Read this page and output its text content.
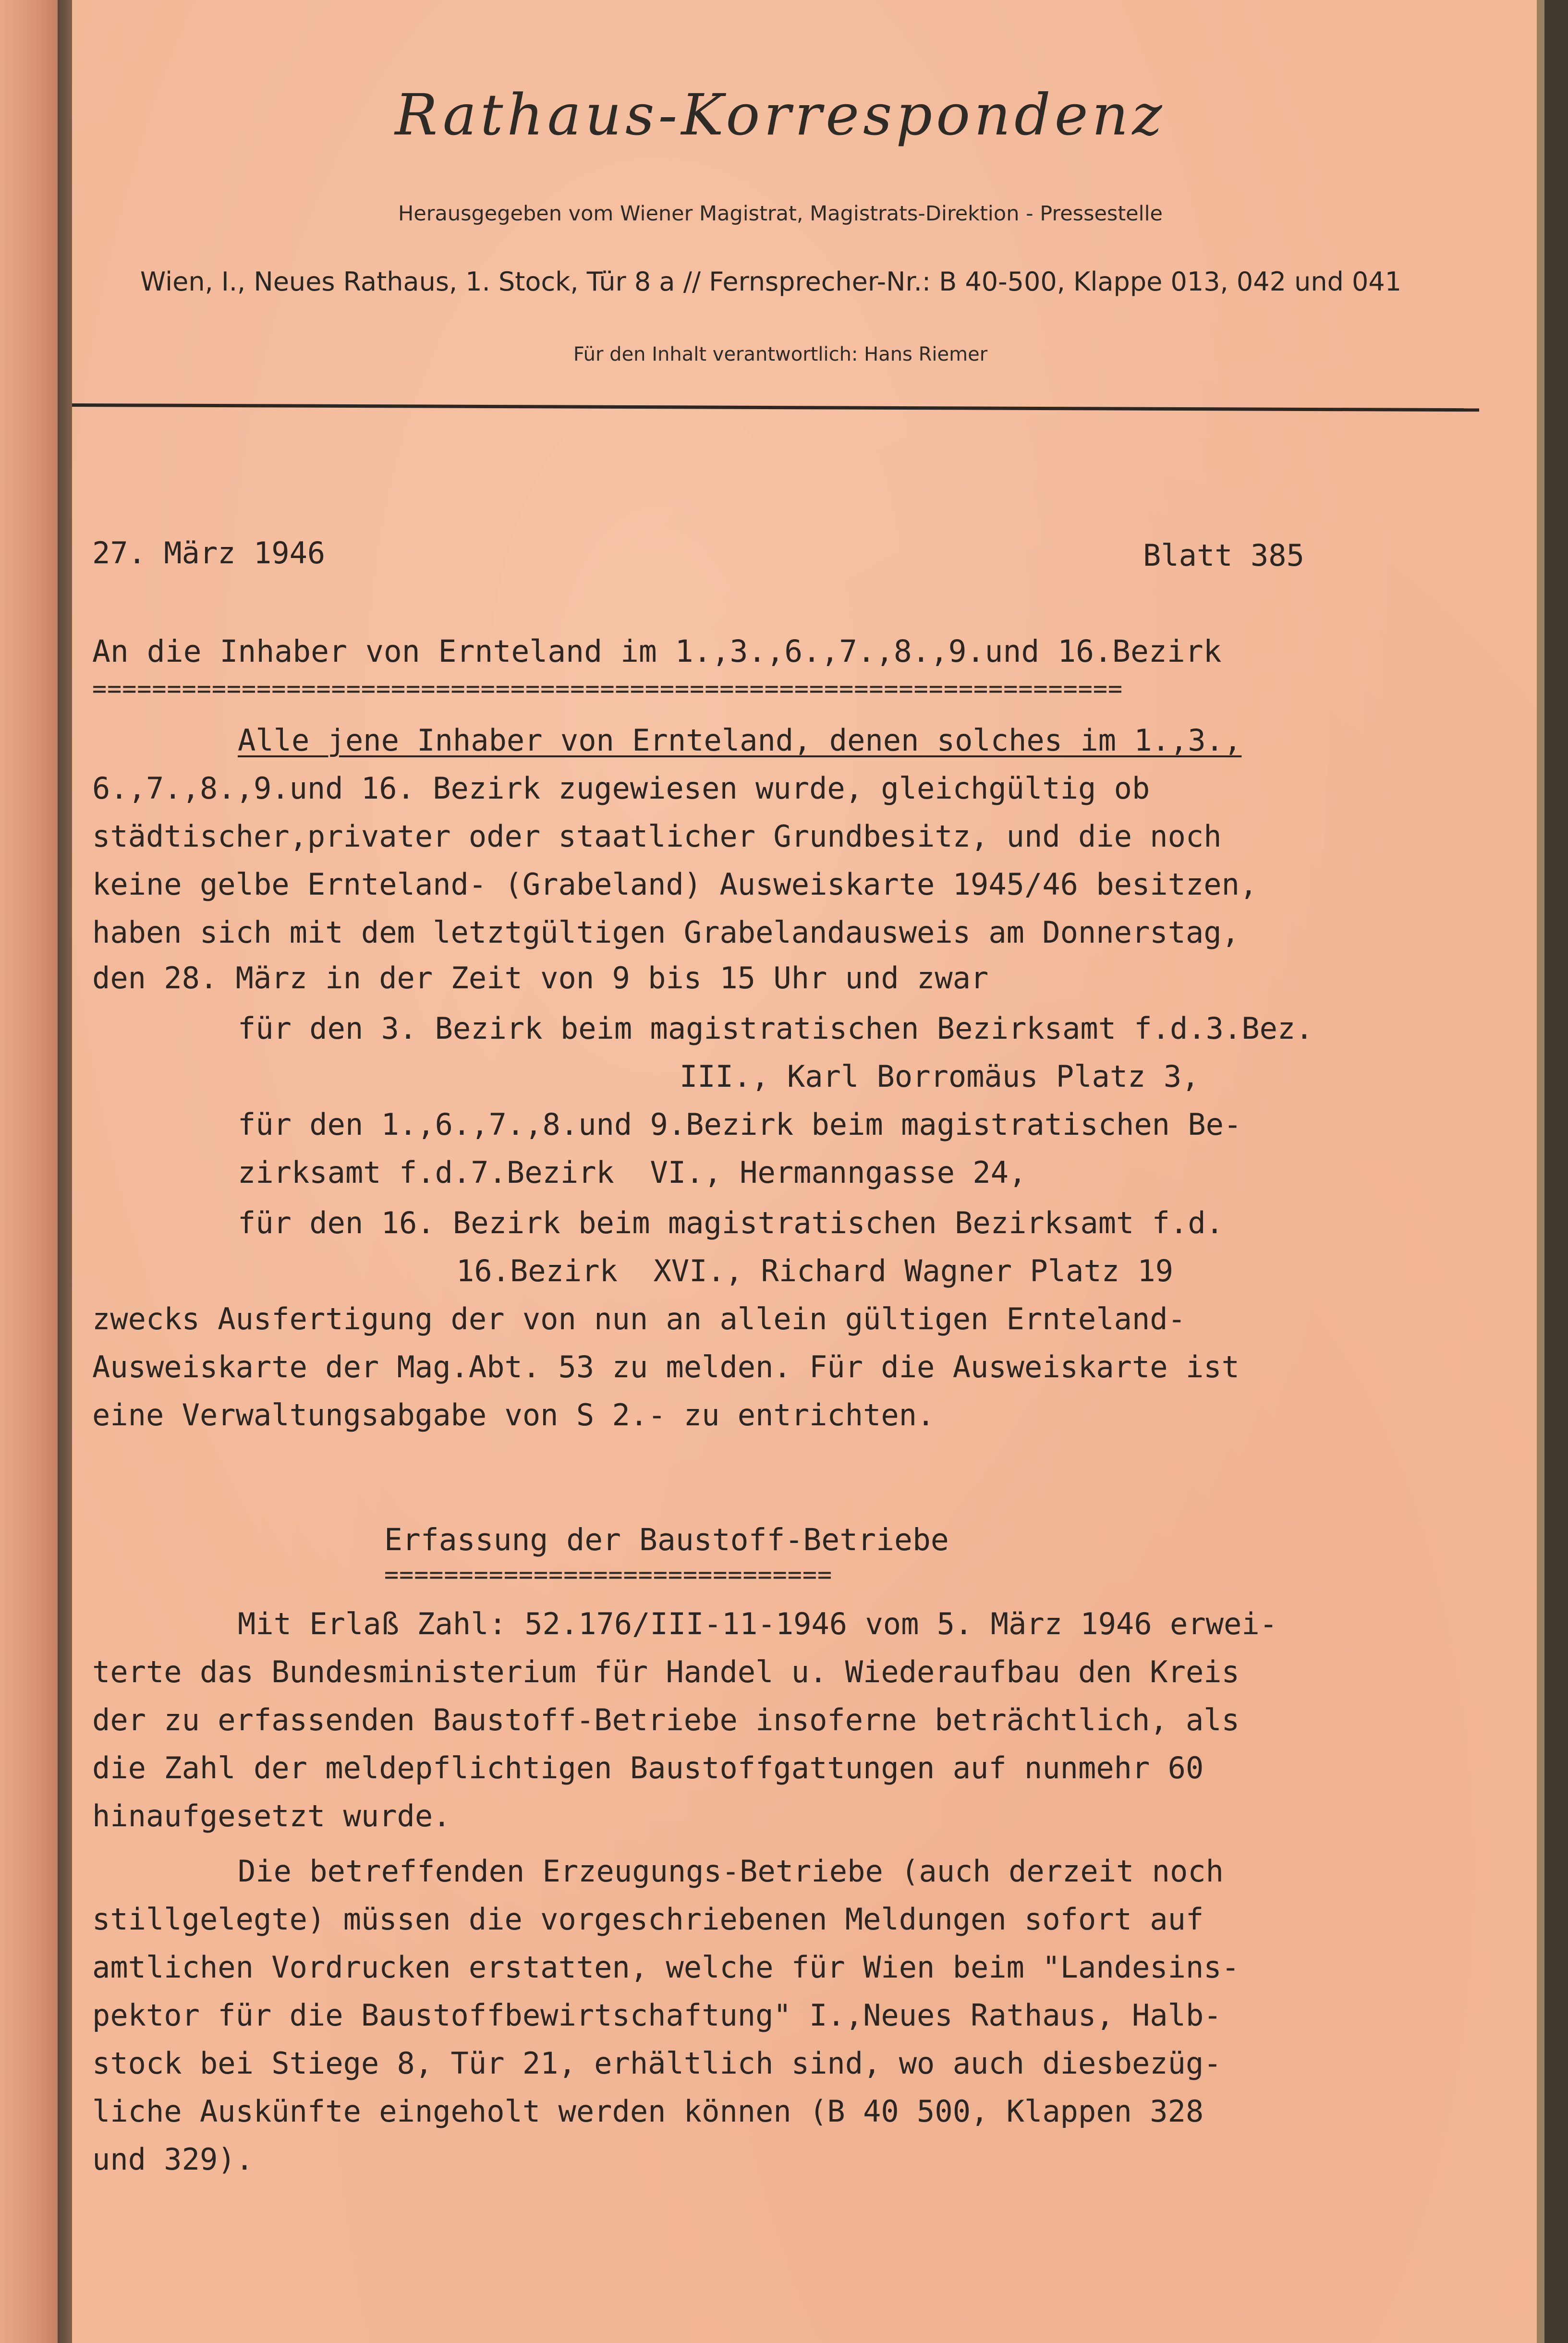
Rathaus-Korrespondenz
Herausgegeben vom Wiener Magistrat, Magistrats-Direktion - Pressestelle
Wien, I., Neues Rathaus, 1. Stock, Tür 8 a // Fernsprecher-Nr.: B 40-500, Klappe 013, 042 und 041
Für den Inhalt verantwortlich: Hans Riemer
27. März 1946	Blatt 385
An die Inhaber von Ernteland im 1.,3.,6.,7.,8.,9.und 16.Bezirk
=====================================================================
Alle jene Inhaber von Ernteland, denen solches im 1.,3.,
6.,7.,8.,9.und 16. Bezirk zugewiesen wurde, gleichgültig ob
städtischer,privater oder staatlicher Grundbesitz, und die noch
keine gelbe Ernteland- (Grabeland) Ausweiskarte 1945/46 besitzen,
haben sich mit dem letztgültigen Grabelandausweis am Donnerstag,
den 28. März in der Zeit von 9 bis 15 Uhr und zwar
für den 3. Bezirk beim magistratischen Bezirksamt f.d.3.Bez.
III., Karl Borromäus Platz 3,
für den 1.,6.,7.,8.und 9.Bezirk beim magistratischen Be-
zirksamt f.d.7.Bezirk  VI., Hermanngasse 24,
für den 16. Bezirk beim magistratischen Bezirksamt f.d.
16.Bezirk  XVI., Richard Wagner Platz 19
zwecks Ausfertigung der von nun an allein gültigen Ernteland-
Ausweiskarte der Mag.Abt. 53 zu melden. Für die Ausweiskarte ist
eine Verwaltungsabgabe von S 2.- zu entrichten.
Erfassung der Baustoff-Betriebe
==============================
Mit Erlaß Zahl: 52.176/III-11-1946 vom 5. März 1946 erwei-
terte das Bundesministerium für Handel u. Wiederaufbau den Kreis
der zu erfassenden Baustoff-Betriebe insoferne beträchtlich, als
die Zahl der meldepflichtigen Baustoffgattungen auf nunmehr 60
hinaufgesetzt wurde.
Die betreffenden Erzeugungs-Betriebe (auch derzeit noch
stillgelegte) müssen die vorgeschriebenen Meldungen sofort auf
amtlichen Vordrucken erstatten, welche für Wien beim "Landesins-
pektor für die Baustoffbewirtschaftung" I.,Neues Rathaus, Halb-
stock bei Stiege 8, Tür 21, erhältlich sind, wo auch diesbezüg-
liche Auskünfte eingeholt werden können (B 40 500, Klappen 328
und 329).
